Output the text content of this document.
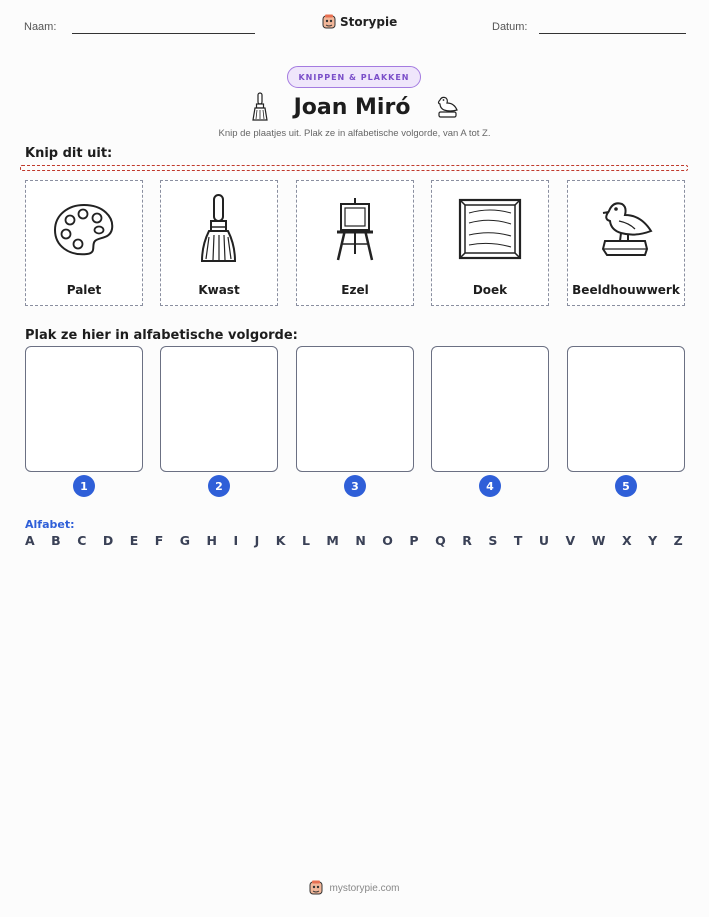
Naam:	Storypie	Datum:
KNIPPEN & PLAKKEN
Joan Miró
Knip de plaatjes uit. Plak ze in alfabetische volgorde, van A tot Z.
Knip dit uit:
Palet	Kwast	Ezel	Doek	Beeldhouwwerk
Plak ze hier in alfabetische volgorde:
1	2	3	4	5
Alfabet:
A B C D E F G H I J K L M N O P Q R S T U V W X Y Z
mystorypie.com
